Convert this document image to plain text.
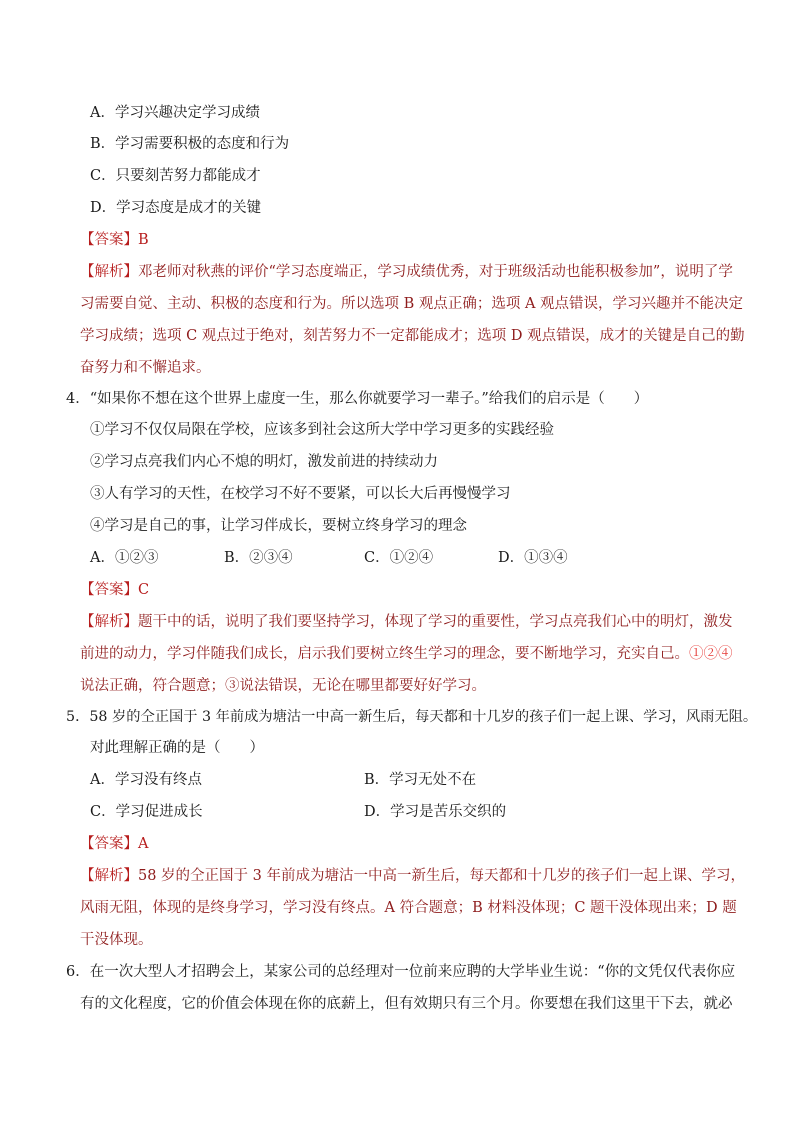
A．学习兴趣决定学习成绩
B．学习需要积极的态度和行为
C．只要刻苦努力都能成才
D．学习态度是成才的关键
【答案】B
【解析】邓老师对秋燕的评价“学习态度端正，学习成绩优秀，对于班级活动也能积极参加”，说明了学
习需要自觉、主动、积极的态度和行为。所以选项 B 观点正确；选项 A 观点错误，学习兴趣并不能决定
学习成绩；选项 C 观点过于绝对，刻苦努力不一定都能成才；选项 D 观点错误，成才的关键是自己的勤
奋努力和不懈追求。
4．“如果你不想在这个世界上虚度一生，那么你就要学习一辈子。”给我们的启示是（　　）
①学习不仅仅局限在学校，应该多到社会这所大学中学习更多的实践经验
②学习点亮我们内心不熄的明灯，激发前进的持续动力
③人有学习的天性，在校学习不好不要紧，可以长大后再慢慢学习
④学习是自己的事，让学习伴成长，要树立终身学习的理念
A．①②③	B．②③④	C．①②④	D．①③④
【答案】C
【解析】题干中的话，说明了我们要坚持学习，体现了学习的重要性，学习点亮我们心中的明灯，激发
前进的动力，学习伴随我们成长，启示我们要树立终生学习的理念，要不断地学习，充实自己。①②④
说法正确，符合题意；③说法错误，无论在哪里都要好好学习。
5．58 岁的仝正国于 3 年前成为塘沽一中高一新生后，每天都和十几岁的孩子们一起上课、学习，风雨无阻。
对此理解正确的是（　　）
A．学习没有终点	B．学习无处不在
C．学习促进成长	D．学习是苦乐交织的
【答案】A
【解析】58 岁的仝正国于 3 年前成为塘沽一中高一新生后，每天都和十几岁的孩子们一起上课、学习，
风雨无阻，体现的是终身学习，学习没有终点。A 符合题意；B 材料没体现；C 题干没体现出来；D 题
干没体现。
6．在一次大型人才招聘会上，某家公司的总经理对一位前来应聘的大学毕业生说：“你的文凭仅代表你应
有的文化程度，它的价值会体现在你的底薪上，但有效期只有三个月。你要想在我们这里干下去，就必
